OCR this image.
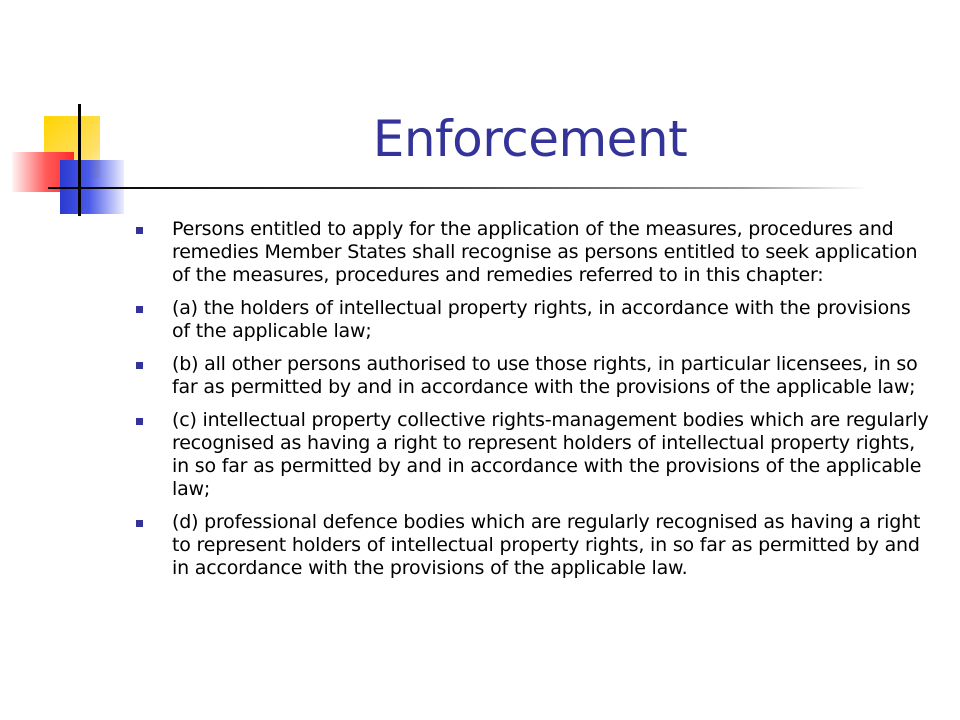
Enforcement
Persons entitled to apply for the application of the measures, procedures and remedies Member States shall recognise as persons entitled to seek application of the measures, procedures and remedies referred to in this chapter:
(a) the holders of intellectual property rights, in accordance with the provisions of the applicable law;
(b) all other persons authorised to use those rights, in particular licensees, in so far as permitted by and in accordance with the provisions of the applicable law;
(c) intellectual property collective rights-management bodies which are regularly recognised as having a right to represent holders of intellectual property rights, in so far as permitted by and in accordance with the provisions of the applicable law;
(d) professional defence bodies which are regularly recognised as having a right to represent holders of intellectual property rights, in so far as permitted by and in accordance with the provisions of the applicable law.
